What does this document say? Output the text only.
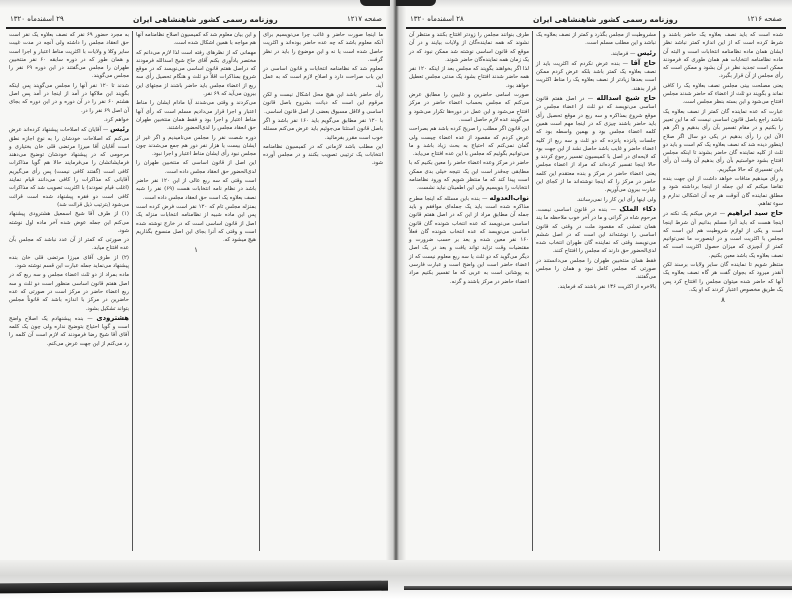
صفحه ۱۲۱۷
روزنامه رسمی کشور شاهنشاهی ایران
۲۹ اسفندماه ۱۳۲۰

ما اینجا صورت حاضر و غائب چرا می‌نویسیم برای آنکه معلوم باشد که چه عده حاضر بوده‌اند و اکثریت حاصل شده است یا نه و این موضوع را باید در نظر گرفت.

معلوم شد که نظامنامه انتخابات و قانون اساسی در این باب صراحت دارد و اصلاح لازم است که به عمل آید.

رأی حاضر باشد این هیچ محل اشکال نیست و لکن مرقوم این است که دیانت بشروح باصل قانون اساسی و لااقل مسبوق بعضی از اصل قانون اساسی.

با ۱۲۰ نفر مطابق می‌گویم باید ۱۶۰ نفر باشد و اگر باصل قانون استثنا می‌جوئیم باید عرض می‌کنم مسئله خوب است مقرر بفرمائید.

این مطلب باشد لازمانی که در کمیسیون نظامنامه انتخابات یک ترتیبی تصویب بکنند و در مجلس آورده شود.

و این بیان معلوم شد که کمیسیون اصلاح نظامنامه آنها هم مواجه با همین اشکال شده است.

مهمانی که از نظرهای رفته است لذا لازم می‌دانم که مختصر یادآوری بکنم آقای حاج شیخ اسدالله فرمودند که دراصل هفتم قانون اساسی می‌نویسد که در موقع شروع بمذاکرات اقلاً دو ثلث و هنگام تحصیل رأی سه ربع از اعضاء مجلس باید حاضر باشند از مجتهای این بیرون می‌آید که ۶۹ نفر.

می‌کردند و وقتی می‌شدند آیا مادام ایشان را مناط اعتبار و اجرا قرار می‌دادیم مسلم است که رأی آنها مناط اعتبار و اجرا بود و فقط همان منتخبین طهران حق انعقاد مجلس را لدی‌الحضور داشتند.

دوره شصت نفر را مجلس می‌نامیدیم و اگر غیر از ایشان بیست یا هزار نفر دور هم جمع می‌شدند چون مجلس نبود رأی ایشان مناط اعتبار و اجرا نبود.

این اصل از قانون اساسی که منتخبین طهران را لدی‌الحضور حق انعقاد مجلس داده است.

است وقتی که سه ربع عالی از این ۱۲۰ نفر حاضر باشد در نظام نامه انتخابات هست (۶۹) نفر را شبه نصف بعلاوه یک است حق انعقاد مجلس داده است.

بمنزله مجلس تام که ۱۲۰ نفر است فرض کرده است پس این ماده شبیه از نظامنامه انتخابات منزله یک اصل از قانون اساسی است که در خارج نوشته شده است و وقتی که آنرا بجای این اصل منسوخ بگذاریم هیچ میشود که.

۱

به مجرد حضور ۶۹ نفر که نصف بعلاوه یک نفر است حق انعقاد مجلس را داشته ولی آنچه در مدت غیبت سایر وکلا و ولایات با اکثریت مناط اعتبار و اجرا است و همان طور که در دوره سابقه ۶۰ نفر منتخبین طهران را مجلس می‌گفتند در این دوره ۶۹ نفر را مجلس می‌گویند.

شدند تا ۱۲۰ نفر آنها را مجلس می‌گویند پس اینکه بگویند این ملاکها در آمد از اینجا در آمد پس اصل هشتم ۶۰ نفر را در آن دوره و در این دوره که بجای آن اصل ۶۹ نفر را در.

خواهم کرد.

رئیس — آقایان که اصلاحات پیشنهاد کرده‌اند عرض می‌کنم که اصلاحات خودشان را به نوع اجازه نطق است آقایان آقا میرزا مرتضی قلی خان بختیاری و مرحومی که در پیشنهاد خودشان توضیح می‌دهند فرمایشاتشان را می‌فرمایند حالا هم گویا مذاکرات کافی است (گفتند کافی نیست) پس رأی می‌گیریم آقایانی که مذاکرات را کافی می‌دانند قیام نمایند (اغلب قیام نمودند) با اکثریت تصویب شد که مذاکرات کافی است دو فقره پیشنهاد شده است قرائت می‌شود (بترتیب ذیل قرائت شد)

(۱) از طرف آقا شیخ اسمعیل هشترودی پیشنهاد می‌کنم این جمله عوض شده آخر ماده اول نوشته شود.

در صورتی که کمتر از آن عدد نباشد که مجلس بآن عده افتتاح میابد.

(۲) از طرف آقای میرزا مرتضی قلی خان بنده پیشنهاد می‌نماید جمله عبارت این قسم نوشته شود.

ماده بمراد از دو ثلث اعضاء مجلس و سه ربع که در اصل هفتم قانون اساسی منظور است دو ثلث و سه ربع اعضاء حاضر در مرکز است در صورتی که عده حاضرین در مرکز با اندازه باشد که قانوناً مجلس بتواند تشکیل بشود.

هشترودی — بنده پیشنهادم یک اصلاح واضح است و گویا احتیاج بتوضیح نداره ولی چون یک کلمه آقای آقا شیخ رضا فرمودند که لازم است آن کلمه را رد می‌کنم از این جهت عرض می‌کنم.

صفحه ۱۲۱۶
روزنامه رسمی کشور شاهنشاهی ایران
۲۸ اسفندماه ۱۳۲۰

شده است که باید نصف بعلاوه یک حاضر باشند و شرط کرده است که از این اندازه کمتر نباشد نظر ایشان همان ماده نظامنامه انتخابات است و البته آن ماده نظامنامه انتخابات هم همان طوری که فرمودند ممکن است تجدید نظر در آن بشود و ممکن است که رأی مجلس از آن قرار بگیرد.

یعنی مصلحت بینی مجلس نصف بعلاوه یک را کافی نماند و بگویند دو ثلث از اعضاء که حاضر شدند مجلس افتتاح می‌شود و این بسته بنظر مجلس است.

عبارت که عده نماینده گان کمتر از نصف بعلاوه یک نباشد راجع باصل قانون اساسی نیست که ما این تعبیر را بکنیم و در مقام تفسیر بآن رأی بدهیم و اگر هم الآن این را رأی بدهیم در یکی دو سال اگر صلاح اینطور دیده شد که نصف بعلاوه یک کم است و باید دو ثلث از کلیه نماینده گان حاضر بشوند تا اینکه مجلس افتتاح بشود خواستیم بآن رأی بدهیم آن وقت آن رأی باین تفسیری که حالا میگیریم.

و رأی میدهیم منافات خواهد داشت از این جهت بنده تقاضا میکنم که این جمله از اینجا برداشته شود و مطلق نماینده گان آنوقت هر چه آن اشکالی ندارم و سوء تفاهم.

حاج سید ابراهیم — عرض میکنم یک نکته در اینجا هست که باید آنرا مسلم بدانیم آن شرط اینجا است و یکی از لوازم شروطیت هم این است که مجلس با اکثریت است و در اینصورت ما نمی‌توانیم کمتر از آنچیزی که میزان حصول اکثریت است که نصف بعلاوه یک باشد معین بکنیم.

منتظر شویم تا نماینده گان سایر ولایات برسند لکن آنقدر میرود که بجوان گفت هر گاه نصف بعلاوه یک آنها که حاضر شده میتوان مجلس را افتتاح کرد پس یک طریق مخصوص اعتبار کردند که او یک.

۸

مشروطیت از مجلس بگذرد و کمتر از نصف بعلاوه یک نباشد و این مطلب مسلم است.

رئیس — فرمایند.

حاج آقا — بنده عرض نکردم که اکثریت باید از نصف بعلاوه یک کمتر باشد بلکه عرض کردم ممکن است بعدها زیادتر از نصف بعلاوه یک را مناط اکثریت قرار بدهند.

حاج شیخ اسدالله — در اصل هفتم قانون اساسی می‌نویسد که دو ثلث از اعضاء مجلس در موقع شروع بمذاکره و سه ربع در موقع تحصیل رأی باید حاضر باشند چیزی که در اینجا مهم است همین کلمه اعضاء مجلس بود و بهمین واسطه بود که جلسات پانزده پانزده که دو ثلث و سه ربع از کلیه اعضاء حاضر و غایب باشد حاصل نشد از این جهت بود که لایحه‌ای در اصل با کمیسیون تفسیر رجوع کردند و حالا اینجا تفسیر کرده‌اند که مراد از اعضاء مجلس یعنی اعضاء حاضر در مرکز و بنده معتقدم این کلمه حاضر در مرکز را که اینجا نوشته‌اند ما از کجای این عبارت بیرون می‌آوریم.

ولی اینها رأی این کار را نمی‌رسانند.

ذکاء الملک — بنده در قانون اساسی نیست. مرحوم شاه در گرانی و ما در آخر خوب ملاحظه ما یند همان تمشی که مقصود ملت در وقتی که قانون اساسی را نوشته‌اند این است که در اصل ششم می‌نویسد وقتی که نماینده گان طهران انتخاب شده لدی‌الحضور حق دارند که مجلس را افتتاح کنند.

فقط همان منتخبین طهران را مجلس می‌دانستند در صورتی که مجلس کامل نبود و همان را مجلس می‌گفتند.

بالاخره از اکثریت ۱۳۶ نفر باشند که فرمایند.

طرف بنوانند مجلس را زودتر افتتاح بکنند و منتظر آن نشوند که همه نماینده‌گان از ولایات بیایند و در آن موقع که قانون اساسی نوشته شد ممکن نبود که در یک زمان همه نماینده‌گان حاضر شوند.

لذا اگر بخواهند بگویند که مجلس بعد از اینکه ۱۲۰ نفر همه حاضر شدند افتتاح بشود یک مدتی مجلس تعطیل خواهد بود.

صورت اسامی حاضرین و غایبین را مطابق عرض می‌کنم که مجلس بحساب اعضاء حاضر در مرکز افتتاح می‌شود و این عمل در دوره‌ها تکرار می‌شود و می‌گویند عده لازم حاصل است.

این قانون اگر مطلب را صریح کرده باشد هم بصراحت عرض کردم که مقصود از عده اعضاء چیست ولی گمان نمی‌کنم که احتیاج به بحث زیاد باشد و ما می‌توانیم بگوئیم که مجلس با این عده افتتاح می‌یابد.

حاضر در مرکز وعده اعضاء حاضر را معین بکنیم که با مطابقی چه‌قدر است این یک نتیجه خیلی بدی ممکن است پیدا کند که ما منتظر شویم که ورود نظامنامه انتخابات را بنویسیم ولی این اطمینان نباید نشست.

نواب‌العدوله — بنده باین مسئله که اینجا مطرح مذاکره شده است باید یک جمله‌ای موافقم و باید جمله آن مطابق مراد از این که در اصل هفتم قانون اساسی می‌نویسد که عده انتخاب شونده گان قانون اساسی می‌نویسد که عده انتخاب شونده گان فعلاً ۱۶۰ نفر معین شده و بعد بر حسب ضرورت و مقتضیات وقت تزاید تواند یافت و بعد در یک اصل دیگر می‌گوید که دو ثلث یا سه ربع معلوم نیست که از اعضاء حاضر است این واضح است و عبارت فارسی به پوشانی است به عربی که ما تفسیر بکنیم مراد اعضاء حاضر در مرکز باشند و گرنه.
